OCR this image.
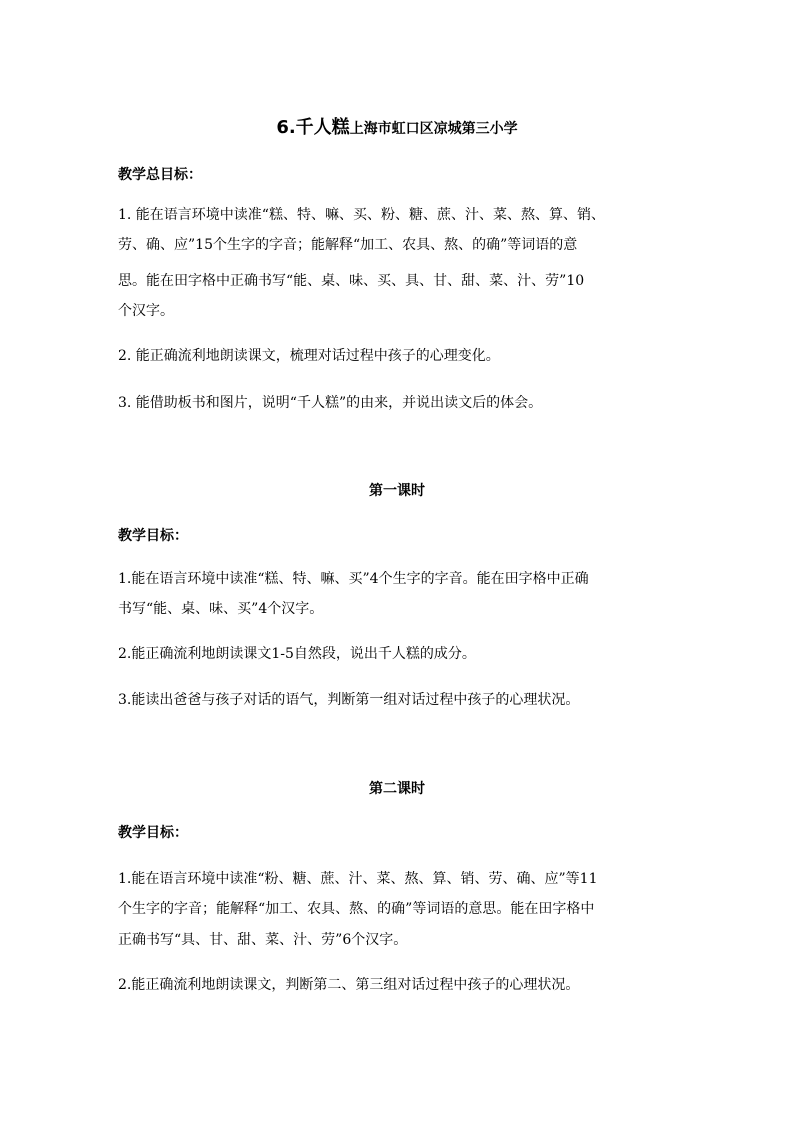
6.千人糕上海市虹口区凉城第三小学
教学总目标：
1. 能在语言环境中读准“糕、特、嘛、买、粉、糖、蔗、汁、菜、熬、算、销、
劳、确、应”15个生字的字音；能解释“加工、农具、熬、的确”等词语的意
思。能在田字格中正确书写“能、桌、味、买、具、甘、甜、菜、汁、劳”10
个汉字。
2. 能正确流利地朗读课文，梳理对话过程中孩子的心理变化。
3. 能借助板书和图片，说明“千人糕”的由来，并说出读文后的体会。
第一课时
教学目标：
1.能在语言环境中读准“糕、特、嘛、买”4个生字的字音。能在田字格中正确
书写“能、桌、味、买”4个汉字。
2.能正确流利地朗读课文1-5自然段，说出千人糕的成分。
3.能读出爸爸与孩子对话的语气，判断第一组对话过程中孩子的心理状况。
第二课时
教学目标：
1.能在语言环境中读准“粉、糖、蔗、汁、菜、熬、算、销、劳、确、应”等11
个生字的字音；能解释“加工、农具、熬、的确”等词语的意思。能在田字格中
正确书写“具、甘、甜、菜、汁、劳”6个汉字。
2.能正确流利地朗读课文，判断第二、第三组对话过程中孩子的心理状况。
